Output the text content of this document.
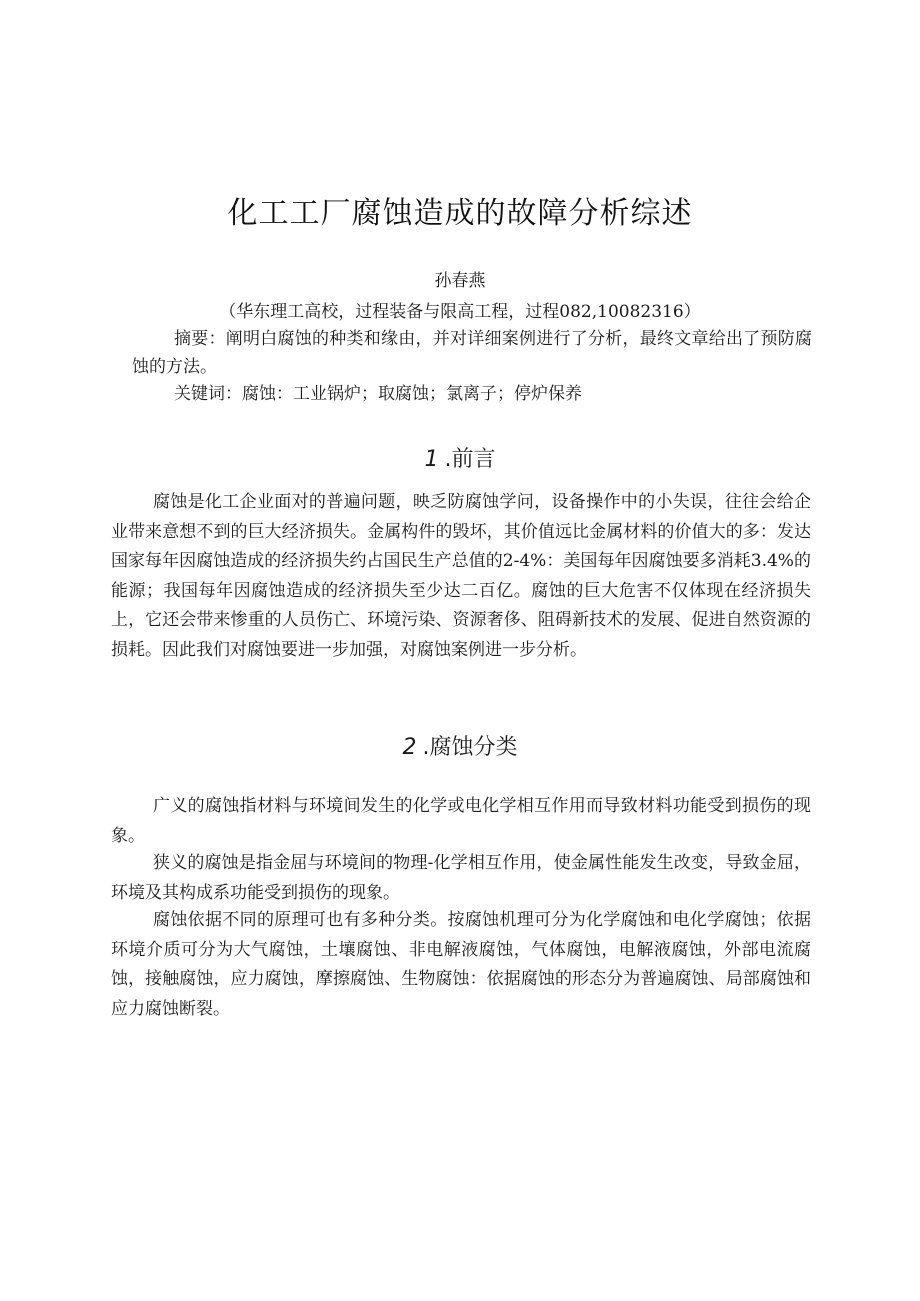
化工工厂腐蚀造成的故障分析综述
孙春燕
（华东理工高校，过程装备与限高工程，过程082,10082316）
摘要：阐明白腐蚀的种类和缘由，并对详细案例进行了分析，最终文章给出了预防腐蚀的方法。
关键词：腐蚀：工业锅炉；取腐蚀；氯离子；停炉保养
1 .前言

腐蚀是化工企业面对的普遍问题，映乏防腐蚀学问，设备操作中的小失误，往往会给企业带来意想不到的巨大经济损失。金属构件的毁坏，其价值远比金属材料的价值大的多：发达国家每年因腐蚀造成的经济损失约占国民生产总值的2-4%：美国每年因腐蚀要多消耗3.4%的能源；我国每年因腐蚀造成的经济损失至少达二百亿。腐蚀的巨大危害不仅体现在经济损失上，它还会带来惨重的人员伤亡、环境污染、资源奢侈、阻碍新技术的发展、促进自然资源的损耗。因此我们对腐蚀要进一步加强，对腐蚀案例进一步分析。

2 .腐蚀分类

广义的腐蚀指材料与环境间发生的化学或电化学相互作用而导致材料功能受到损伤的现象。

狭义的腐蚀是指金屈与环境间的物理-化学相互作用，使金属性能发生改变，导致金屈，环境及其构成系功能受到损伤的现象。

腐蚀依据不同的原理可也有多种分类。按腐蚀机理可分为化学腐蚀和电化学腐蚀；依据环境介质可分为大气腐蚀，土壤腐蚀、非电解液腐蚀，气体腐蚀，电解液腐蚀，外部电流腐蚀，接触腐蚀，应力腐蚀，摩擦腐蚀、生物腐蚀：依据腐蚀的形态分为普遍腐蚀、局部腐蚀和应力腐蚀断裂。
